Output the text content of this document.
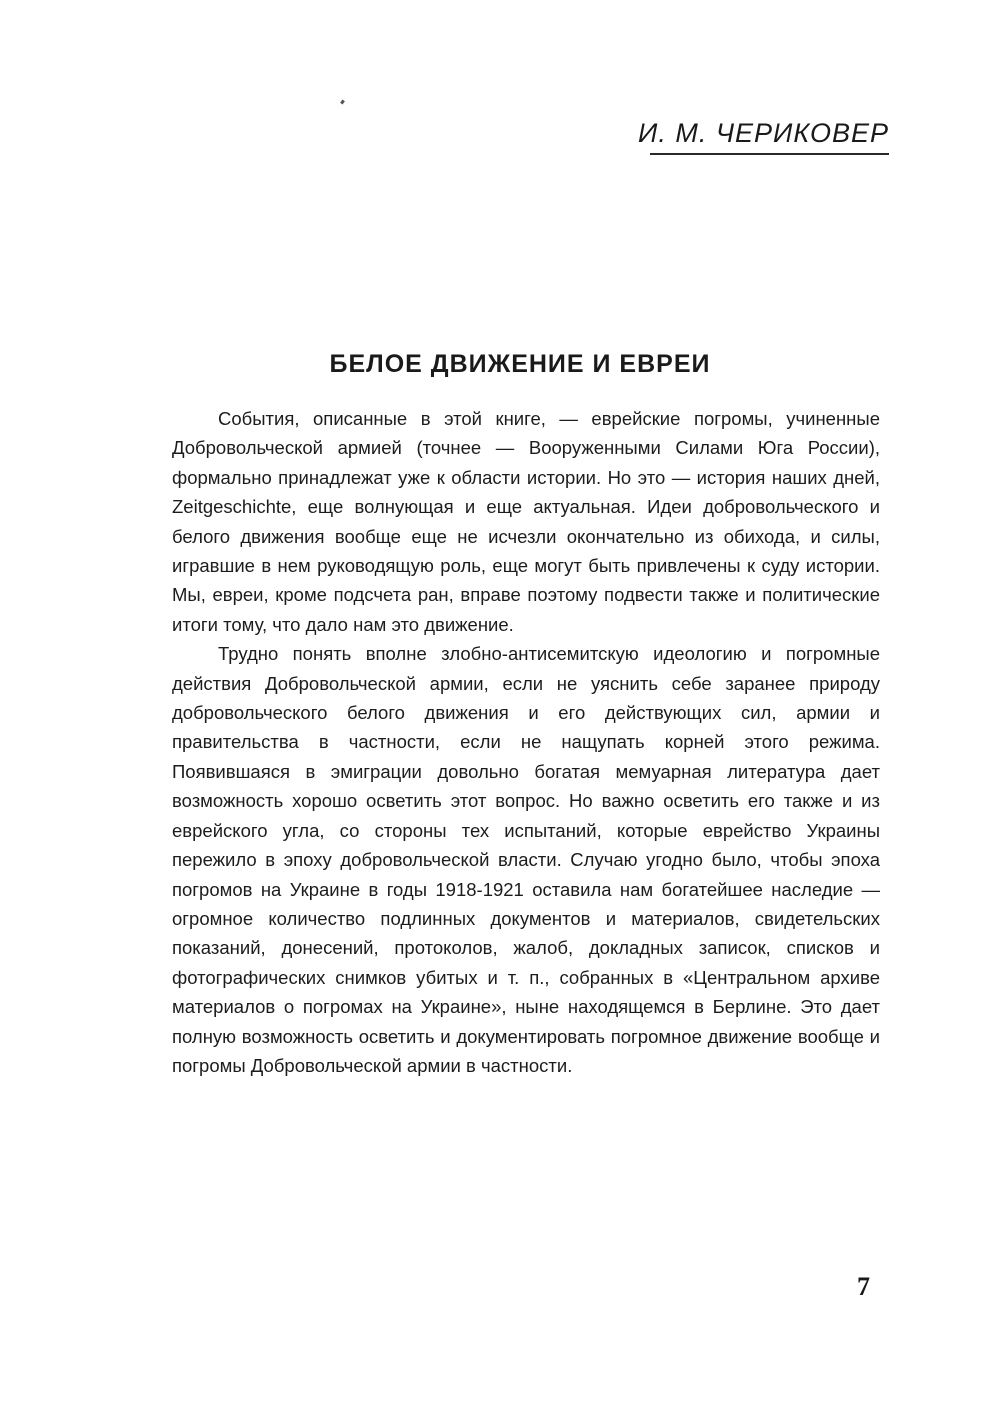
И. М. ЧЕРИКОВЕР
БЕЛОЕ ДВИЖЕНИЕ И ЕВРЕИ

События, описанные в этой книге, — еврейские погромы, учиненные Добровольческой армией (точнее — Вооруженными Силами Юга России), формально принадлежат уже к области истории. Но это — история наших дней, Zeitgeschichte, еще волнующая и еще актуальная. Идеи добровольческого и белого движения вообще еще не исчезли окончательно из обихода, и силы, игравшие в нем руководящую роль, еще могут быть привлечены к суду истории. Мы, евреи, кроме подсчета ран, вправе поэтому подвести также и политические итоги тому, что дало нам это движение.

Трудно понять вполне злобно-антисемитскую идеологию и погромные действия Добровольческой армии, если не уяснить себе заранее природу добровольческого белого движения и его действующих сил, армии и правительства в частности, если не нащупать корней этого режима. Появившаяся в эмиграции довольно богатая мемуарная литература дает возможность хорошо осветить этот вопрос. Но важно осветить его также и из еврейского угла, со стороны тех испытаний, которые еврейство Украины пережило в эпоху добровольческой власти. Случаю угодно было, чтобы эпоха погромов на Украине в годы 1918-1921 оставила нам богатейшее наследие — огромное количество подлинных документов и материалов, свидетельских показаний, донесений, протоколов, жалоб, докладных записок, списков и фотографических снимков убитых и т. п., собранных в «Центральном архиве материалов о погромах на Украине», ныне находящемся в Берлине. Это дает полную возможность осветить и документировать погромное движение вообще и погромы Добровольческой армии в частности.

7
